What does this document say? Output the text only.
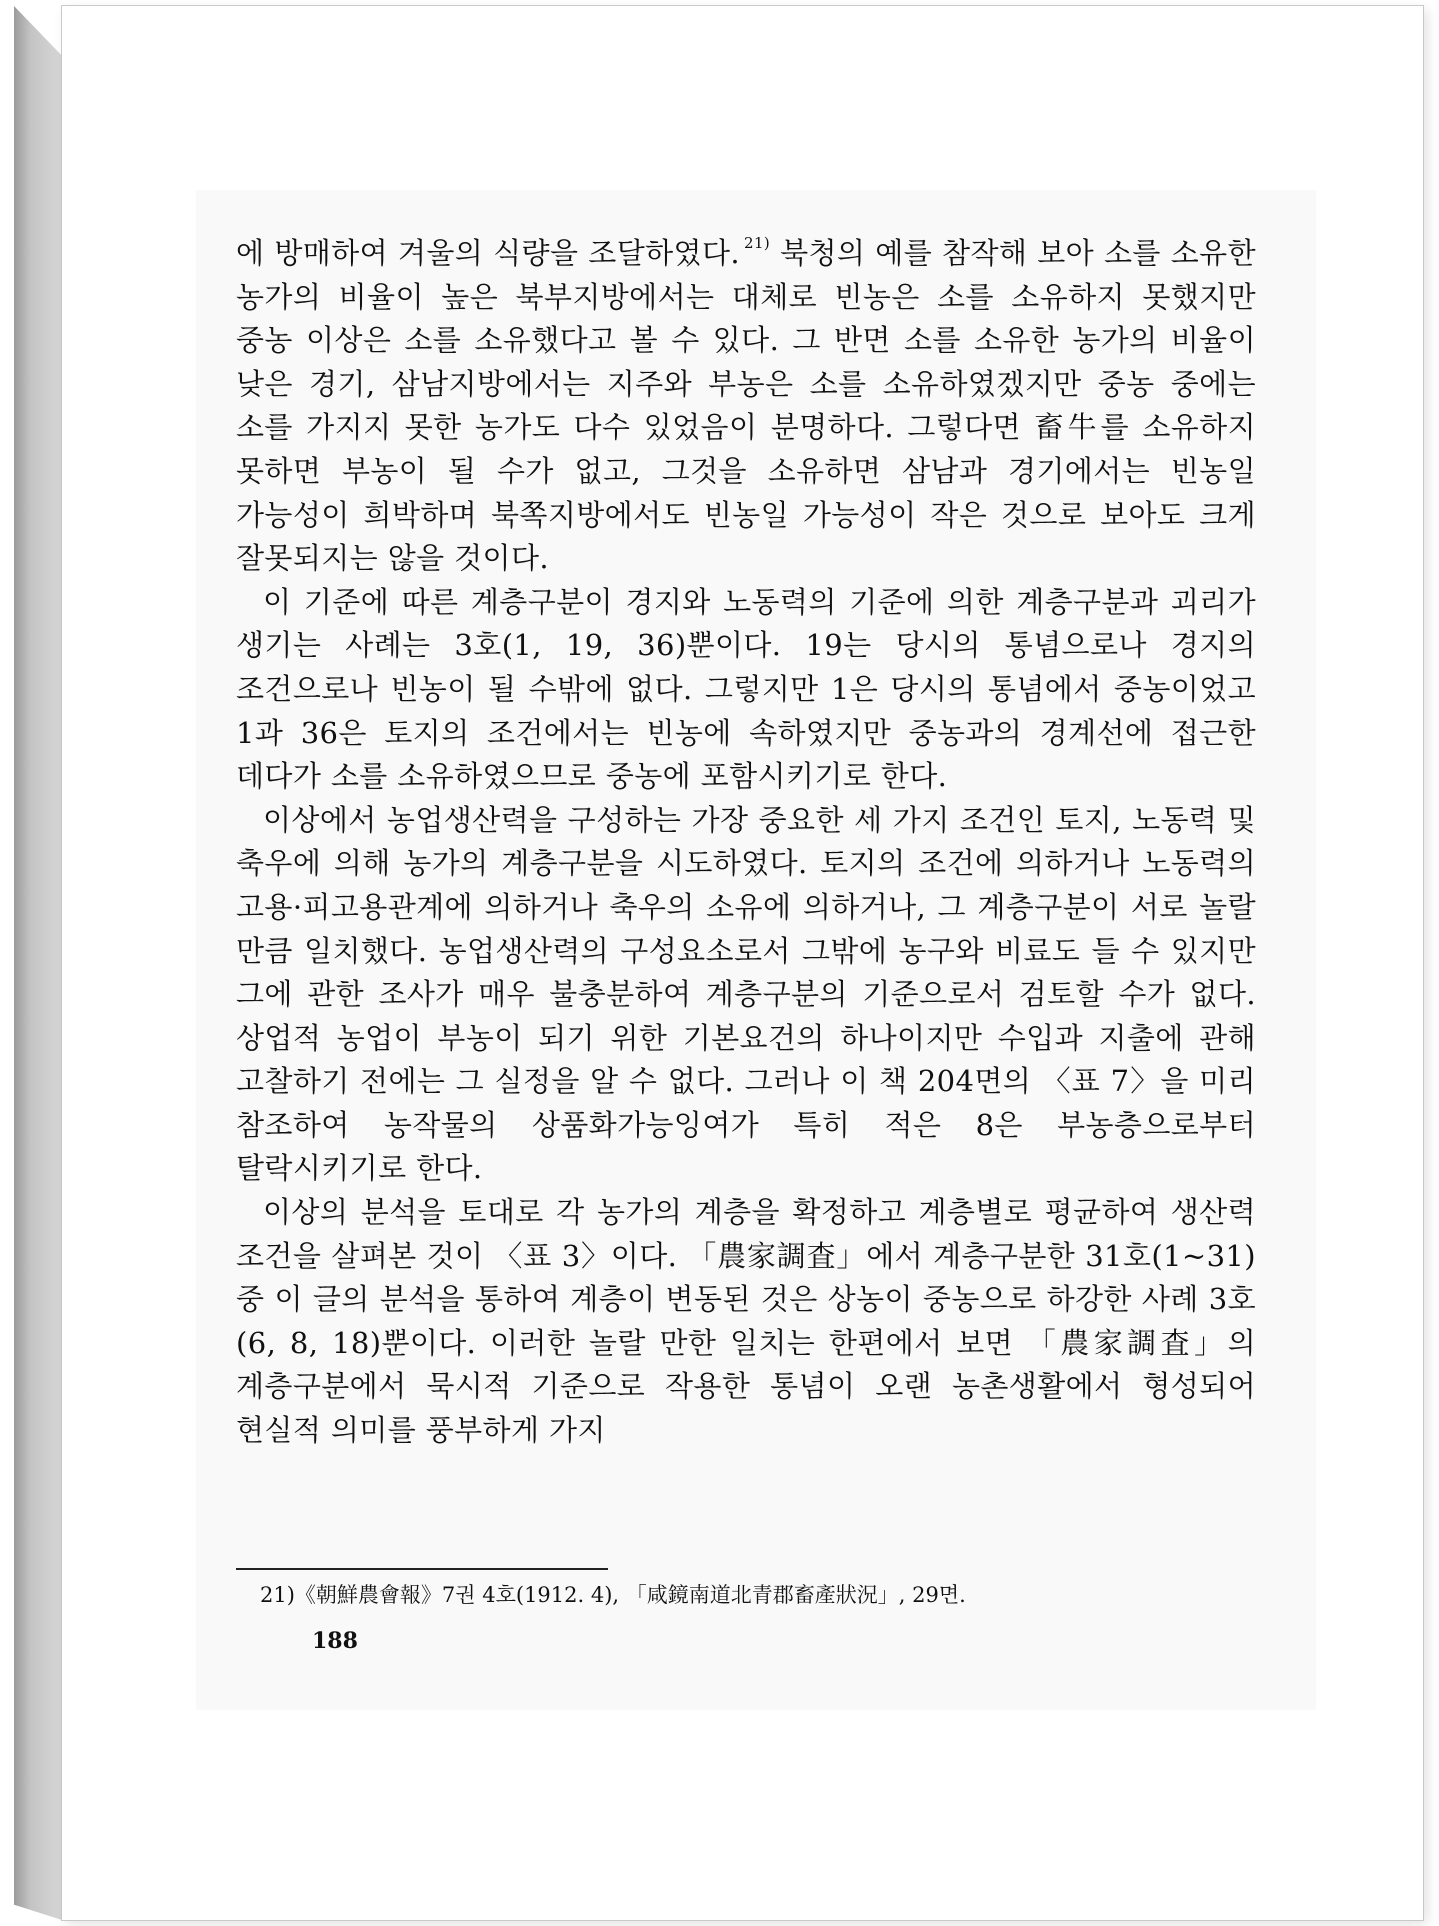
에 방매하여 겨울의 식량을 조달하였다. $^{21)}$ 북청의 예를 참작해 보아 소를 소유한 농가의 비율이 높은 북부지방에서는 대체로 빈농은 소를 소유하지 못했지만 중농 이상은 소를 소유했다고 볼 수 있다. 그 반면 소를 소유한 농가의 비율이 낮은 경기, 삼남지방에서는 지주와 부농은 소를 소유하였겠지만 중농 중에는 소를 가지지 못한 농가도 다수 있었음이 분명하다. 그렇다면 畜牛를 소유하지 못하면 부농이 될 수가 없고, 그것을 소유하면 삼남과 경기에서는 빈농일 가능성이 희박하며 북쪽지방에서도 빈농일 가능성이 작은 것으로 보아도 크게 잘못되지는 않을 것이다.

이 기준에 따른 계층구분이 경지와 노동력의 기준에 의한 계층구분과 괴리가 생기는 사례는 3호(1, 19, 36)뿐이다. 19는 당시의 통념으로나 경지의 조건으로나 빈농이 될 수밖에 없다. 그렇지만 1은 당시의 통념에서 중농이었고 1과 36은 토지의 조건에서는 빈농에 속하였지만 중농과의 경계선에 접근한 데다가 소를 소유하였으므로 중농에 포함시키기로 한다.

이상에서 농업생산력을 구성하는 가장 중요한 세 가지 조건인 토지, 노동력 및 축우에 의해 농가의 계층구분을 시도하였다. 토지의 조건에 의하거나 노동력의 고용·피고용관계에 의하거나 축우의 소유에 의하거나, 그 계층구분이 서로 놀랄 만큼 일치했다. 농업생산력의 구성요소로서 그밖에 농구와 비료도 들 수 있지만 그에 관한 조사가 매우 불충분하여 계층구분의 기준으로서 검토할 수가 없다. 상업적 농업이 부농이 되기 위한 기본요건의 하나이지만 수입과 지출에 관해 고찰하기 전에는 그 실정을 알 수 없다. 그러나 이 책 204면의 〈표 7〉을 미리 참조하여 농작물의 상품화가능잉여가 특히 적은 8은 부농층으로부터 탈락시키기로 한다.

이상의 분석을 토대로 각 농가의 계층을 확정하고 계층별로 평균하여 생산력 조건을 살펴본 것이 〈표 3〉이다. 「農家調査」에서 계층구분한 31호(1~31) 중 이 글의 분석을 통하여 계층이 변동된 것은 상농이 중농으로 하강한 사례 3호(6, 8, 18)뿐이다. 이러한 놀랄 만한 일치는 한편에서 보면 「農家調査」의 계층구분에서 묵시적 기준으로 작용한 통념이 오랜 농촌생활에서 형성되어 현실적 의미를 풍부하게 가지

21)《朝鮮農會報》7권 4호(1912. 4), 「咸鏡南道北青郡畜產狀況」, 29면.
188
